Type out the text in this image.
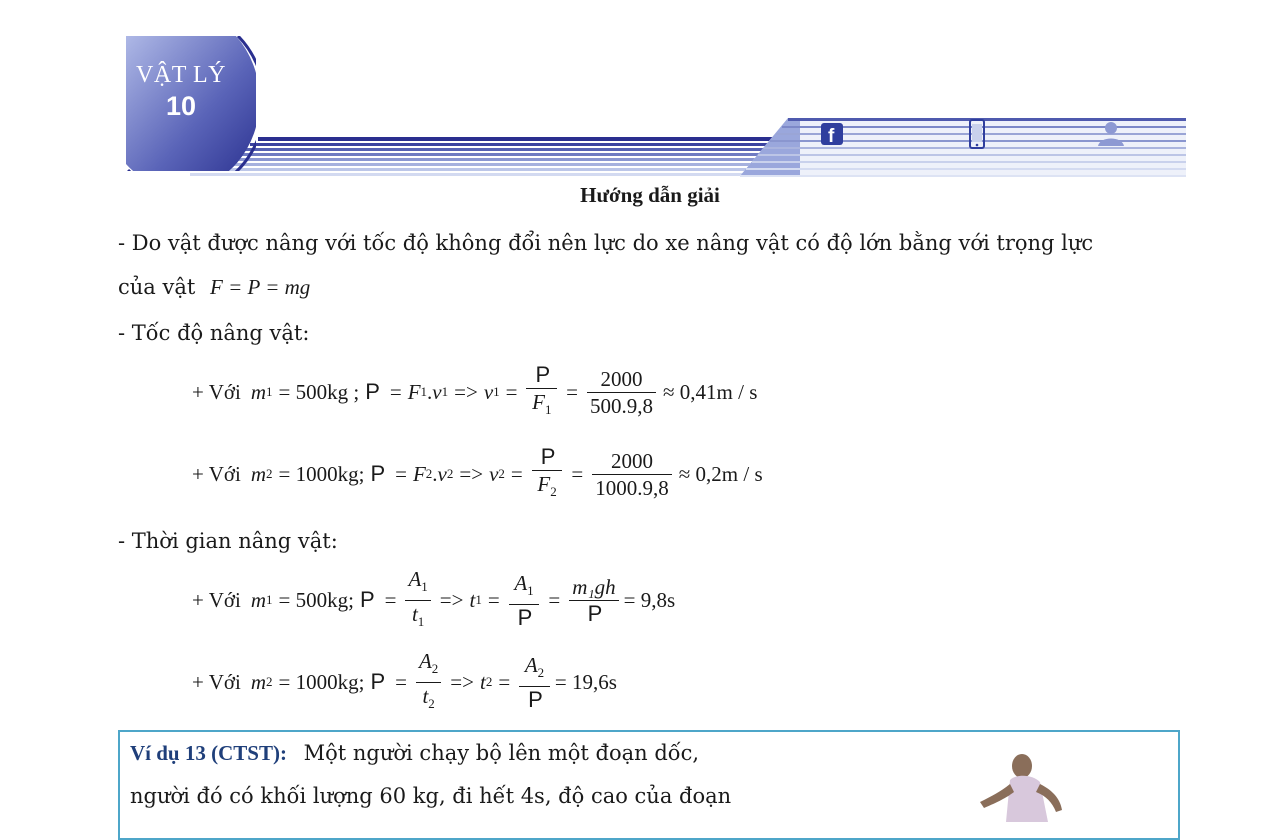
VẬT LÝ
10
f
Hướng dẫn giải
- Do vật được nâng với tốc độ không đổi nên lực do xe nâng vật có độ lớn bằng với trọng lực
của vật F = P = mg
- Tốc độ nâng vật:
+ Với m 1 = 500kg ; P = F 1 . v 1 => v $1 = \frac{P}{F_1} = \frac{2000}{500.9,8} \approx 0,41m / s$
+ Với m 2 = 1000kg; P = F 2 . v 2 => v $2 = \frac{P}{F_2} = \frac{2000}{1000.9,8} \approx 0,2m / s$
- Thời gian nâng vật:
+ Với m 1 = 500kg; $P = \frac{A_1}{t_1} => t$ $1 = \frac{A_1}{P} = \frac{\text{m₁gh}}{P} = 9,8s$
+ Với m 2 = 1000kg; $P = \frac{A_2}{t_2} => t$ $2 = \frac{A_2}{P} = 19,6s$
Ví dụ 13 (CTST): Một người chạy bộ lên một đoạn dốc,
người đó có khối lượng 60 kg, đi hết 4s, độ cao của đoạn
